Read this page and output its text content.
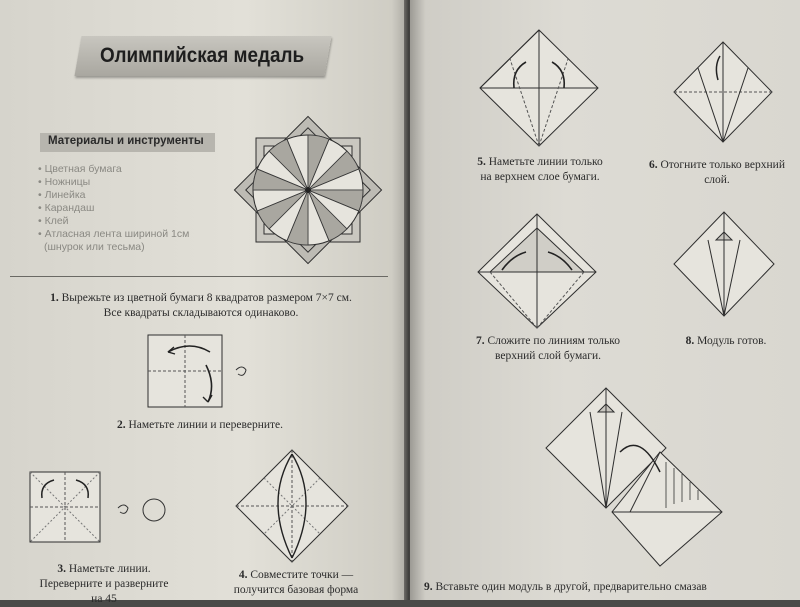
Олимпийская медаль
Материалы и инструменты
• Цветная бумага
• Ножницы
• Линейка
• Карандаш
• Клей
• Атласная лента шириной 1см
(шнурок или тесьма)
1. Вырежьте из цветной бумаги 8 квадратов размером 7×7 см.
Все квадраты складываются одинаково.
2. Наметьте линии и переверните.
3. Наметьте линии.
Переверните и разверните
на 45
4. Совместите точки —
получится базовая форма
5. Наметьте линии только
на верхнем слое бумаги.
6. Отогните только верхний
слой.
7. Сложите по линиям только
верхний слой бумаги.
8. Модуль готов.
9. Вставьте один модуль в другой, предварительно смазав
